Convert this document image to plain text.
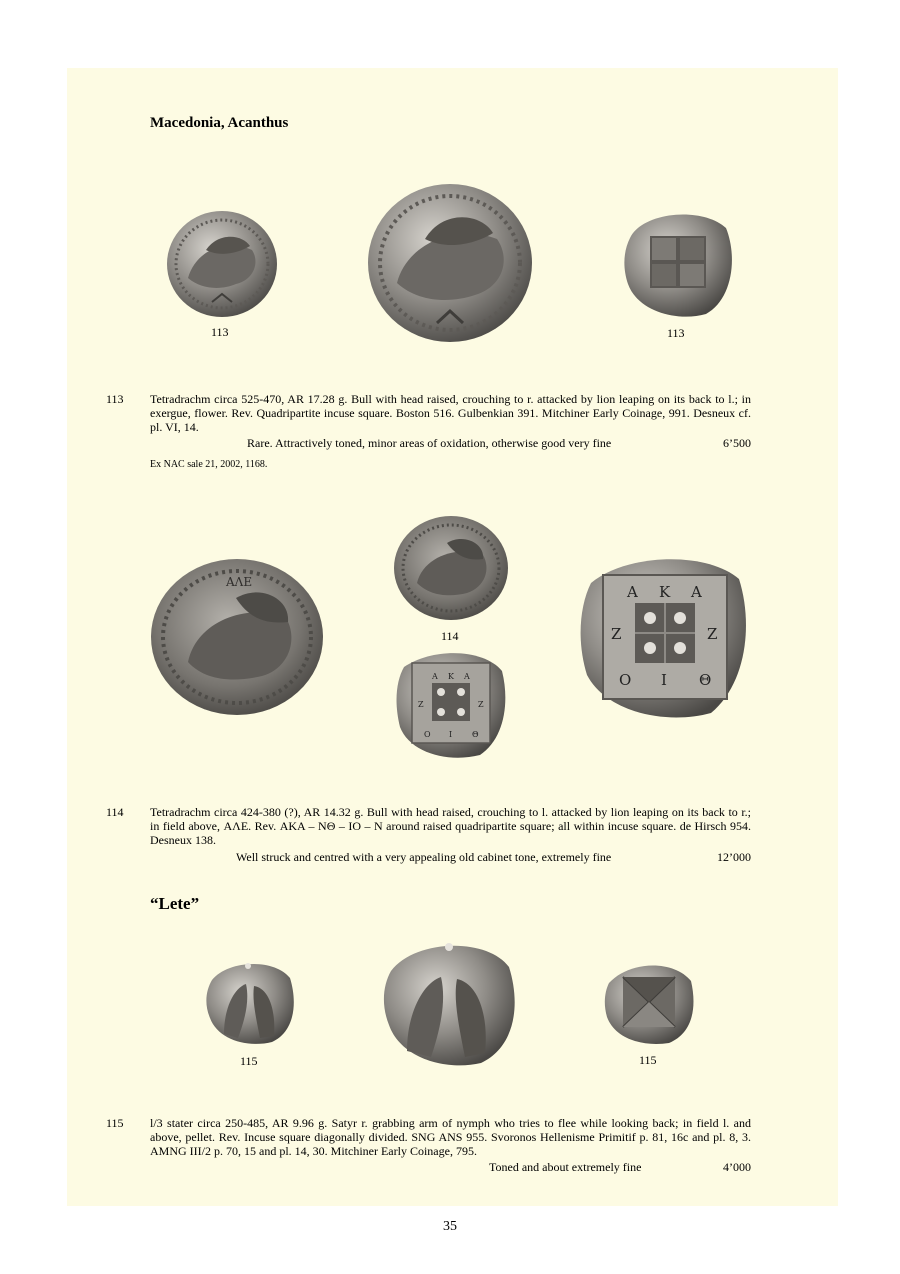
Macedonia, Acanthus
113	113
113 Tetradrachm circa 525-470, AR 17.28 g. Bull with head raised, crouching to r. attacked by lion leaping on its back to l.; in exergue, flower. Rev. Quadripartite incuse square. Boston 516. Gulbenkian 391. Mitchiner Early Coinage, 991. Desneux cf. pl. VI, 14.
Rare. Attractively toned, minor areas of oxidation, otherwise good very fine	6’500
Ex NAC sale 21, 2002, 1168.
ΑΛΕ
114
Α Κ Α
Ζ	Ζ
Ο Ι Θ
Α Κ Α
Ζ	Ζ
Ο Ι Θ
114 Tetradrachm circa 424-380 (?), AR 14.32 g. Bull with head raised, crouching to l. attacked by lion leaping on its back to r.; in field above, ΑΛΕ. Rev. ΑΚΑ – ΝΘ – ΙΟ – Ν around raised quadripartite square; all within incuse square. de Hirsch 954. Desneux 138.
Well struck and centred with a very appealing old cabinet tone, extremely fine	12’000
“Lete”
115	115
115 l/3 stater circa 250-485, AR 9.96 g. Satyr r. grabbing arm of nymph who tries to flee while looking back; in field l. and above, pellet. Rev. Incuse square diagonally divided. SNG ANS 955. Svoronos Hellenisme Primitif p. 81, 16c and pl. 8, 3. AMNG III/2 p. 70, 15 and pl. 14, 30. Mitchiner Early Coinage, 795.
Toned and about extremely fine	4’000
35
